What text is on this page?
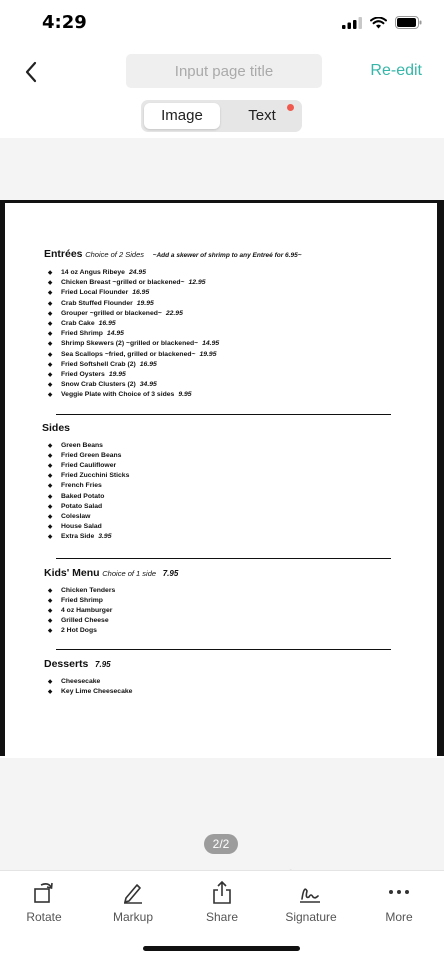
4:29
Input page title
Re-edit
Image	Text
Entrées Choice of 2 Sides ~Add a skewer of shrimp to any Entreé for 6.95~
◆ 14 oz Angus Ribeye 24.95
◆ Chicken Breast ~grilled or blackened~ 12.95
◆ Fried Local Flounder 16.95
◆ Crab Stuffed Flounder 19.95
◆ Grouper ~grilled or blackened~ 22.95
◆ Crab Cake 16.95
◆ Fried Shrimp 14.95
◆ Shrimp Skewers (2) ~grilled or blackened~ 14.95
◆ Sea Scallops ~fried, grilled or blackened~ 19.95
◆ Fried Softshell Crab (2) 16.95
◆ Fried Oysters 19.95
◆ Snow Crab Clusters (2) 34.95
◆ Veggie Plate with Choice of 3 sides 9.95
Sides
◆ Green Beans
◆ Fried Green Beans
◆ Fried Cauliflower
◆ Fried Zucchini Sticks
◆ French Fries
◆ Baked Potato
◆ Potato Salad
◆ Coleslaw
◆ House Salad
◆ Extra Side 3.95
Kids' Menu Choice of 1 side 7.95
◆ Chicken Tenders
◆ Fried Shrimp
◆ 4 oz Hamburger
◆ Grilled Cheese
◆ 2 Hot Dogs
Desserts 7.95
◆ Cheesecake
◆ Key Lime Cheesecake
2/2
Rotate	Markup	Share	Signature	More
